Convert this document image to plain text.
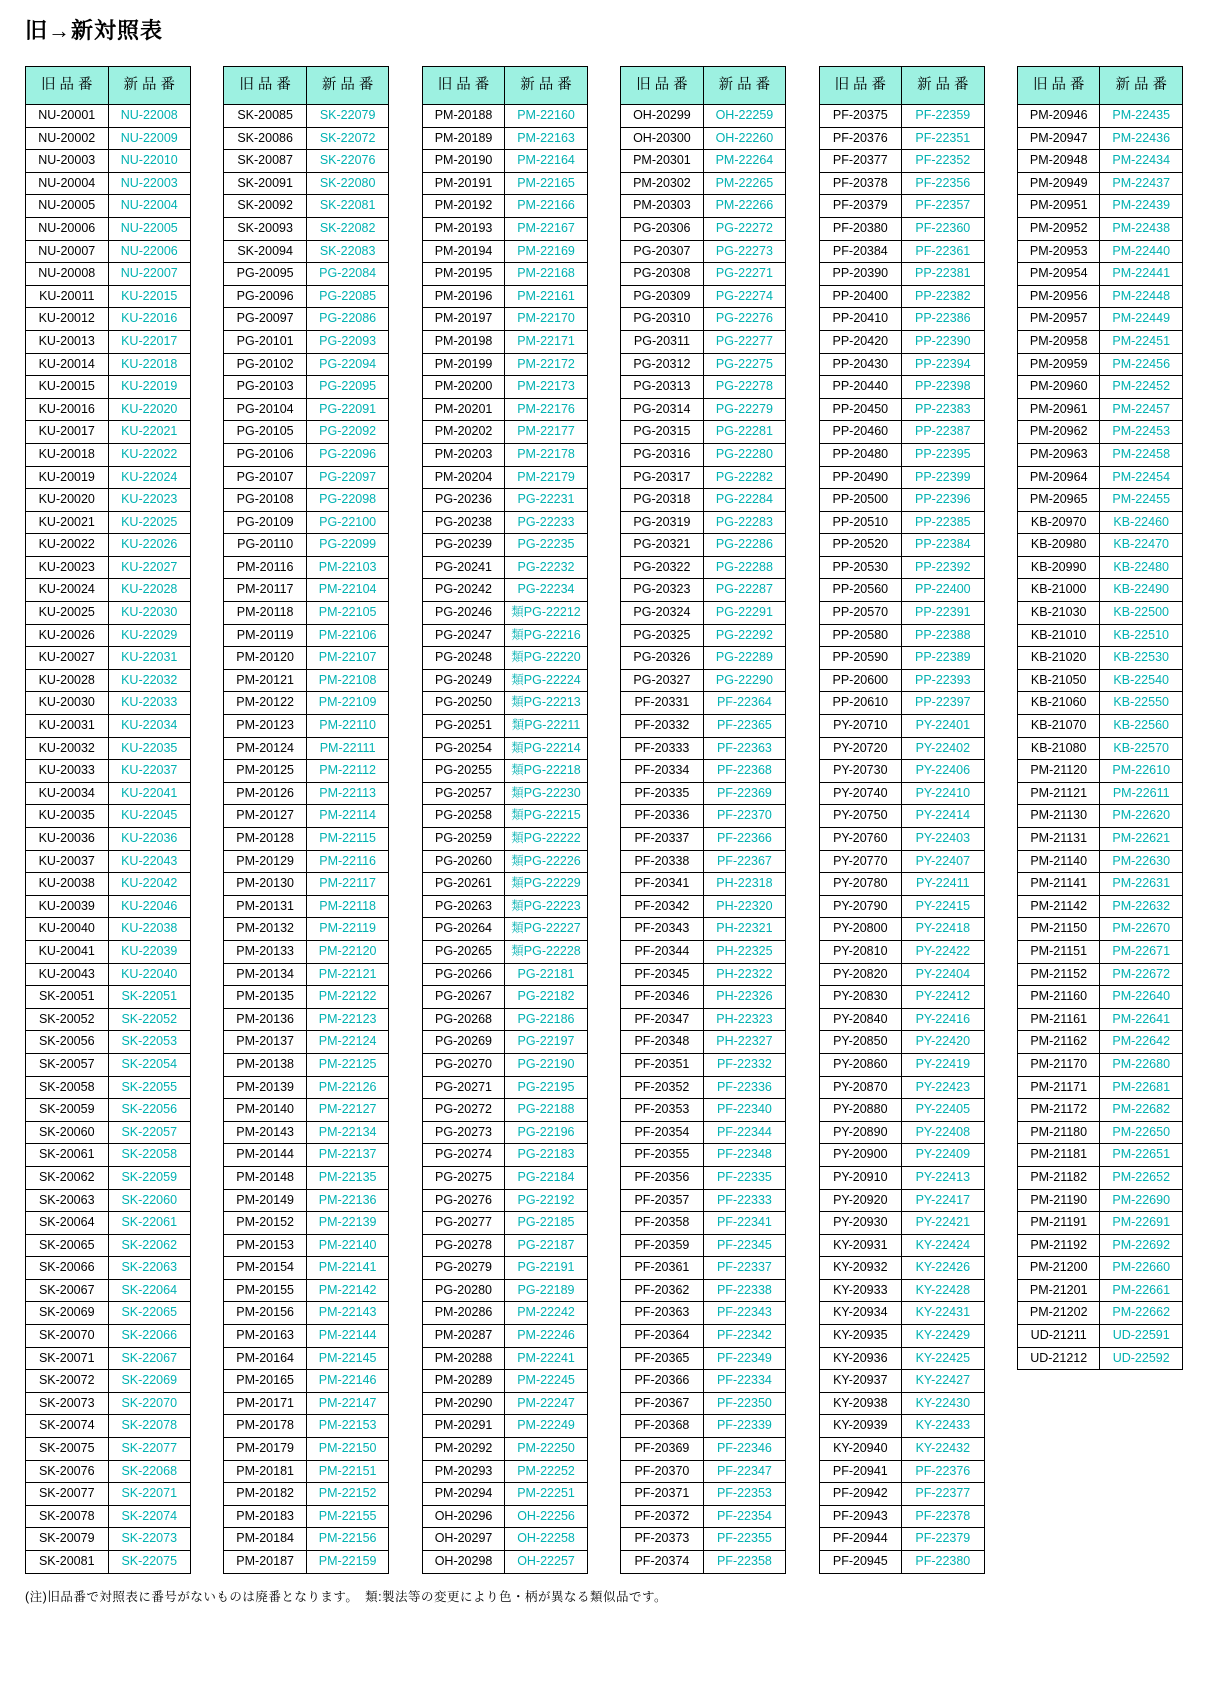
旧→新対照表
旧品番	新品番
NU-20001	NU-22008
NU-20002	NU-22009
NU-20003	NU-22010
NU-20004	NU-22003
NU-20005	NU-22004
NU-20006	NU-22005
NU-20007	NU-22006
NU-20008	NU-22007
KU-20011	KU-22015
KU-20012	KU-22016
KU-20013	KU-22017
KU-20014	KU-22018
KU-20015	KU-22019
KU-20016	KU-22020
KU-20017	KU-22021
KU-20018	KU-22022
KU-20019	KU-22024
KU-20020	KU-22023
KU-20021	KU-22025
KU-20022	KU-22026
KU-20023	KU-22027
KU-20024	KU-22028
KU-20025	KU-22030
KU-20026	KU-22029
KU-20027	KU-22031
KU-20028	KU-22032
KU-20030	KU-22033
KU-20031	KU-22034
KU-20032	KU-22035
KU-20033	KU-22037
KU-20034	KU-22041
KU-20035	KU-22045
KU-20036	KU-22036
KU-20037	KU-22043
KU-20038	KU-22042
KU-20039	KU-22046
KU-20040	KU-22038
KU-20041	KU-22039
KU-20043	KU-22040
SK-20051	SK-22051
SK-20052	SK-22052
SK-20056	SK-22053
SK-20057	SK-22054
SK-20058	SK-22055
SK-20059	SK-22056
SK-20060	SK-22057
SK-20061	SK-22058
SK-20062	SK-22059
SK-20063	SK-22060
SK-20064	SK-22061
SK-20065	SK-22062
SK-20066	SK-22063
SK-20067	SK-22064
SK-20069	SK-22065
SK-20070	SK-22066
SK-20071	SK-22067
SK-20072	SK-22069
SK-20073	SK-22070
SK-20074	SK-22078
SK-20075	SK-22077
SK-20076	SK-22068
SK-20077	SK-22071
SK-20078	SK-22074
SK-20079	SK-22073
SK-20081	SK-22075
旧品番	新品番
SK-20085	SK-22079
SK-20086	SK-22072
SK-20087	SK-22076
SK-20091	SK-22080
SK-20092	SK-22081
SK-20093	SK-22082
SK-20094	SK-22083
PG-20095	PG-22084
PG-20096	PG-22085
PG-20097	PG-22086
PG-20101	PG-22093
PG-20102	PG-22094
PG-20103	PG-22095
PG-20104	PG-22091
PG-20105	PG-22092
PG-20106	PG-22096
PG-20107	PG-22097
PG-20108	PG-22098
PG-20109	PG-22100
PG-20110	PG-22099
PM-20116	PM-22103
PM-20117	PM-22104
PM-20118	PM-22105
PM-20119	PM-22106
PM-20120	PM-22107
PM-20121	PM-22108
PM-20122	PM-22109
PM-20123	PM-22110
PM-20124	PM-22111
PM-20125	PM-22112
PM-20126	PM-22113
PM-20127	PM-22114
PM-20128	PM-22115
PM-20129	PM-22116
PM-20130	PM-22117
PM-20131	PM-22118
PM-20132	PM-22119
PM-20133	PM-22120
PM-20134	PM-22121
PM-20135	PM-22122
PM-20136	PM-22123
PM-20137	PM-22124
PM-20138	PM-22125
PM-20139	PM-22126
PM-20140	PM-22127
PM-20143	PM-22134
PM-20144	PM-22137
PM-20148	PM-22135
PM-20149	PM-22136
PM-20152	PM-22139
PM-20153	PM-22140
PM-20154	PM-22141
PM-20155	PM-22142
PM-20156	PM-22143
PM-20163	PM-22144
PM-20164	PM-22145
PM-20165	PM-22146
PM-20171	PM-22147
PM-20178	PM-22153
PM-20179	PM-22150
PM-20181	PM-22151
PM-20182	PM-22152
PM-20183	PM-22155
PM-20184	PM-22156
PM-20187	PM-22159
旧品番	新品番
PM-20188	PM-22160
PM-20189	PM-22163
PM-20190	PM-22164
PM-20191	PM-22165
PM-20192	PM-22166
PM-20193	PM-22167
PM-20194	PM-22169
PM-20195	PM-22168
PM-20196	PM-22161
PM-20197	PM-22170
PM-20198	PM-22171
PM-20199	PM-22172
PM-20200	PM-22173
PM-20201	PM-22176
PM-20202	PM-22177
PM-20203	PM-22178
PM-20204	PM-22179
PG-20236	PG-22231
PG-20238	PG-22233
PG-20239	PG-22235
PG-20241	PG-22232
PG-20242	PG-22234
PG-20246	類PG-22212
PG-20247	類PG-22216
PG-20248	類PG-22220
PG-20249	類PG-22224
PG-20250	類PG-22213
PG-20251	類PG-22211
PG-20254	類PG-22214
PG-20255	類PG-22218
PG-20257	類PG-22230
PG-20258	類PG-22215
PG-20259	類PG-22222
PG-20260	類PG-22226
PG-20261	類PG-22229
PG-20263	類PG-22223
PG-20264	類PG-22227
PG-20265	類PG-22228
PG-20266	PG-22181
PG-20267	PG-22182
PG-20268	PG-22186
PG-20269	PG-22197
PG-20270	PG-22190
PG-20271	PG-22195
PG-20272	PG-22188
PG-20273	PG-22196
PG-20274	PG-22183
PG-20275	PG-22184
PG-20276	PG-22192
PG-20277	PG-22185
PG-20278	PG-22187
PG-20279	PG-22191
PG-20280	PG-22189
PM-20286	PM-22242
PM-20287	PM-22246
PM-20288	PM-22241
PM-20289	PM-22245
PM-20290	PM-22247
PM-20291	PM-22249
PM-20292	PM-22250
PM-20293	PM-22252
PM-20294	PM-22251
OH-20296	OH-22256
OH-20297	OH-22258
OH-20298	OH-22257
旧品番	新品番
OH-20299	OH-22259
OH-20300	OH-22260
PM-20301	PM-22264
PM-20302	PM-22265
PM-20303	PM-22266
PG-20306	PG-22272
PG-20307	PG-22273
PG-20308	PG-22271
PG-20309	PG-22274
PG-20310	PG-22276
PG-20311	PG-22277
PG-20312	PG-22275
PG-20313	PG-22278
PG-20314	PG-22279
PG-20315	PG-22281
PG-20316	PG-22280
PG-20317	PG-22282
PG-20318	PG-22284
PG-20319	PG-22283
PG-20321	PG-22286
PG-20322	PG-22288
PG-20323	PG-22287
PG-20324	PG-22291
PG-20325	PG-22292
PG-20326	PG-22289
PG-20327	PG-22290
PF-20331	PF-22364
PF-20332	PF-22365
PF-20333	PF-22363
PF-20334	PF-22368
PF-20335	PF-22369
PF-20336	PF-22370
PF-20337	PF-22366
PF-20338	PF-22367
PF-20341	PH-22318
PF-20342	PH-22320
PF-20343	PH-22321
PF-20344	PH-22325
PF-20345	PH-22322
PF-20346	PH-22326
PF-20347	PH-22323
PF-20348	PH-22327
PF-20351	PF-22332
PF-20352	PF-22336
PF-20353	PF-22340
PF-20354	PF-22344
PF-20355	PF-22348
PF-20356	PF-22335
PF-20357	PF-22333
PF-20358	PF-22341
PF-20359	PF-22345
PF-20361	PF-22337
PF-20362	PF-22338
PF-20363	PF-22343
PF-20364	PF-22342
PF-20365	PF-22349
PF-20366	PF-22334
PF-20367	PF-22350
PF-20368	PF-22339
PF-20369	PF-22346
PF-20370	PF-22347
PF-20371	PF-22353
PF-20372	PF-22354
PF-20373	PF-22355
PF-20374	PF-22358
旧品番	新品番
PF-20375	PF-22359
PF-20376	PF-22351
PF-20377	PF-22352
PF-20378	PF-22356
PF-20379	PF-22357
PF-20380	PF-22360
PF-20384	PF-22361
PP-20390	PP-22381
PP-20400	PP-22382
PP-20410	PP-22386
PP-20420	PP-22390
PP-20430	PP-22394
PP-20440	PP-22398
PP-20450	PP-22383
PP-20460	PP-22387
PP-20480	PP-22395
PP-20490	PP-22399
PP-20500	PP-22396
PP-20510	PP-22385
PP-20520	PP-22384
PP-20530	PP-22392
PP-20560	PP-22400
PP-20570	PP-22391
PP-20580	PP-22388
PP-20590	PP-22389
PP-20600	PP-22393
PP-20610	PP-22397
PY-20710	PY-22401
PY-20720	PY-22402
PY-20730	PY-22406
PY-20740	PY-22410
PY-20750	PY-22414
PY-20760	PY-22403
PY-20770	PY-22407
PY-20780	PY-22411
PY-20790	PY-22415
PY-20800	PY-22418
PY-20810	PY-22422
PY-20820	PY-22404
PY-20830	PY-22412
PY-20840	PY-22416
PY-20850	PY-22420
PY-20860	PY-22419
PY-20870	PY-22423
PY-20880	PY-22405
PY-20890	PY-22408
PY-20900	PY-22409
PY-20910	PY-22413
PY-20920	PY-22417
PY-20930	PY-22421
KY-20931	KY-22424
KY-20932	KY-22426
KY-20933	KY-22428
KY-20934	KY-22431
KY-20935	KY-22429
KY-20936	KY-22425
KY-20937	KY-22427
KY-20938	KY-22430
KY-20939	KY-22433
KY-20940	KY-22432
PF-20941	PF-22376
PF-20942	PF-22377
PF-20943	PF-22378
PF-20944	PF-22379
PF-20945	PF-22380
旧品番	新品番
PM-20946	PM-22435
PM-20947	PM-22436
PM-20948	PM-22434
PM-20949	PM-22437
PM-20951	PM-22439
PM-20952	PM-22438
PM-20953	PM-22440
PM-20954	PM-22441
PM-20956	PM-22448
PM-20957	PM-22449
PM-20958	PM-22451
PM-20959	PM-22456
PM-20960	PM-22452
PM-20961	PM-22457
PM-20962	PM-22453
PM-20963	PM-22458
PM-20964	PM-22454
PM-20965	PM-22455
KB-20970	KB-22460
KB-20980	KB-22470
KB-20990	KB-22480
KB-21000	KB-22490
KB-21030	KB-22500
KB-21010	KB-22510
KB-21020	KB-22530
KB-21050	KB-22540
KB-21060	KB-22550
KB-21070	KB-22560
KB-21080	KB-22570
PM-21120	PM-22610
PM-21121	PM-22611
PM-21130	PM-22620
PM-21131	PM-22621
PM-21140	PM-22630
PM-21141	PM-22631
PM-21142	PM-22632
PM-21150	PM-22670
PM-21151	PM-22671
PM-21152	PM-22672
PM-21160	PM-22640
PM-21161	PM-22641
PM-21162	PM-22642
PM-21170	PM-22680
PM-21171	PM-22681
PM-21172	PM-22682
PM-21180	PM-22650
PM-21181	PM-22651
PM-21182	PM-22652
PM-21190	PM-22690
PM-21191	PM-22691
PM-21192	PM-22692
PM-21200	PM-22660
PM-21201	PM-22661
PM-21202	PM-22662
UD-21211	UD-22591
UD-21212	UD-22592

(注)旧品番で対照表に番号がないものは廃番となります。　類:製法等の変更により色・柄が異なる類似品です。
